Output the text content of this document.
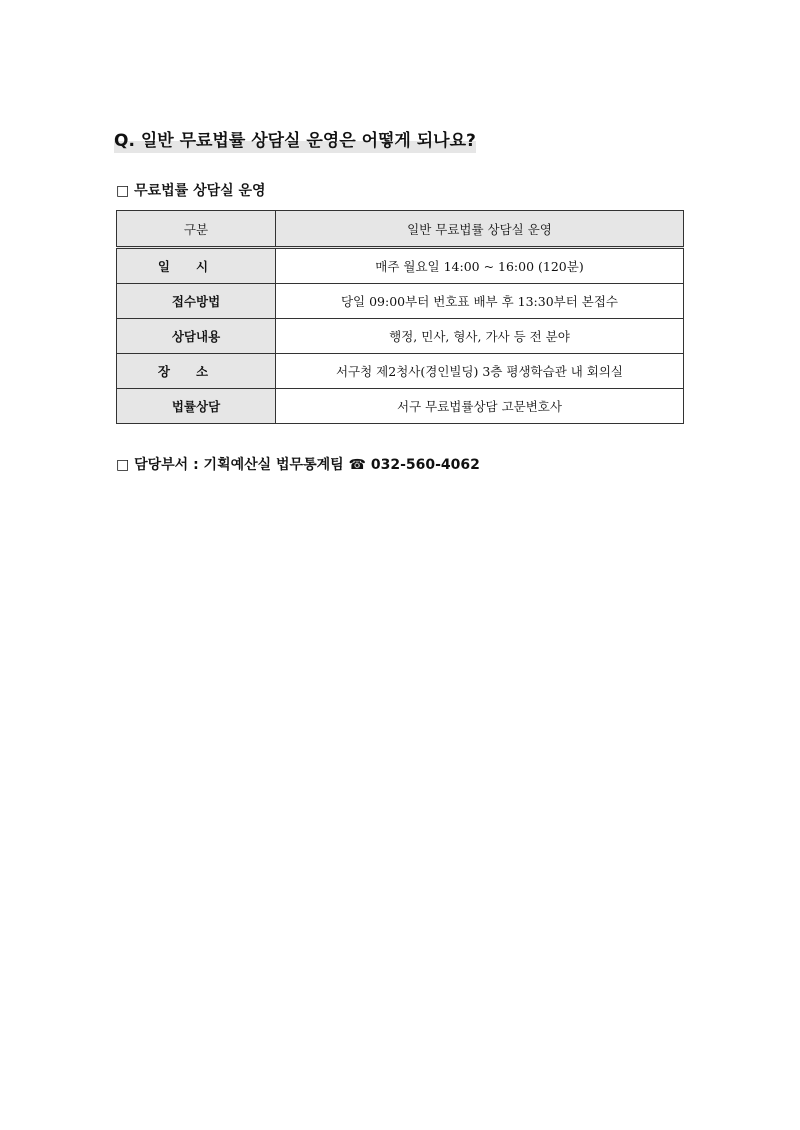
Q. 일반 무료법률 상담실 운영은 어떻게 되나요?
□ 무료법률 상담실 운영
구분	일반 무료법률 상담실 운영
일시	매주 월요일 14:00 ~ 16:00 (120분)
접수방법	당일 09:00부터 번호표 배부 후 13:30부터 본접수
상담내용	행정, 민사, 형사, 가사 등 전 분야
장소	서구청 제2청사(경인빌딩) 3층 평생학습관 내 회의실
법률상담	서구 무료법률상담 고문변호사
□ 담당부서 : 기획예산실 법무통계팀 ☎ 032-560-4062
